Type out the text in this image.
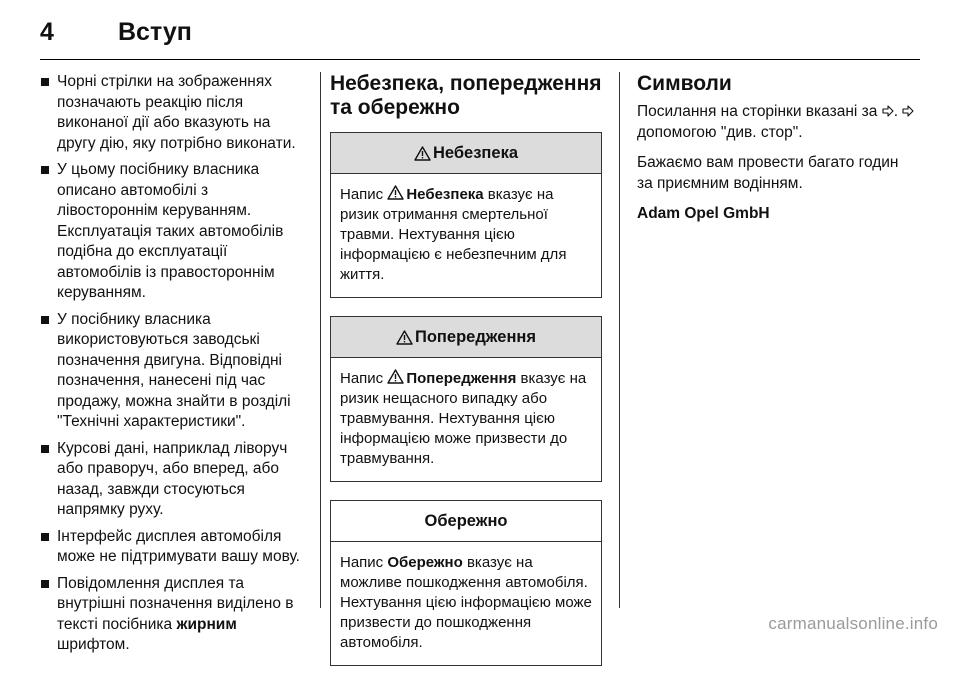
4	Вступ
Чорні стрілки на зображеннях позначають реакцію після виконаної дії або вказують на другу дію, яку потрібно виконати.
У цьому посібнику власника описано автомобілі з лівостороннім керуванням. Експлуатація таких автомобілів подібна до експлуатації автомобілів із правостороннім керуванням.
У посібнику власника використовуються заводські позначення двигуна. Відповідні позначення, нанесені під час продажу, можна знайти в розділі "Технічні характеристики".
Курсові дані, наприклад ліворуч або праворуч, або вперед, або назад, завжди стосуються напрямку руху.
Інтерфейс дисплея автомобіля може не підтримувати вашу мову.
Повідомлення дисплея та внутрішні позначення виділено в тексті посібника жирним шрифтом.
Небезпека, попередження та обережно
Небезпека
Напис
Небезпека вказує на ризик отримання смертельної травми. Нехтування цією інформацією є небезпечним для життя.
Попередження
Напис
Попередження вказує на ризик нещасного випадку або травмування. Нехтування цією інформацією може призвести до травмування.
Обережно
Напис Обережно вказує на можливе пошкодження автомобіля. Нехтування цією інформацією може призвести до пошкодження автомобіля.
Символи

Посилання на сторінки вказані за
.
допомогою "див. стор".

Бажаємо вам провести багато годин за приємним водінням.

Adam Opel GmbH

carmanualsonline.info
